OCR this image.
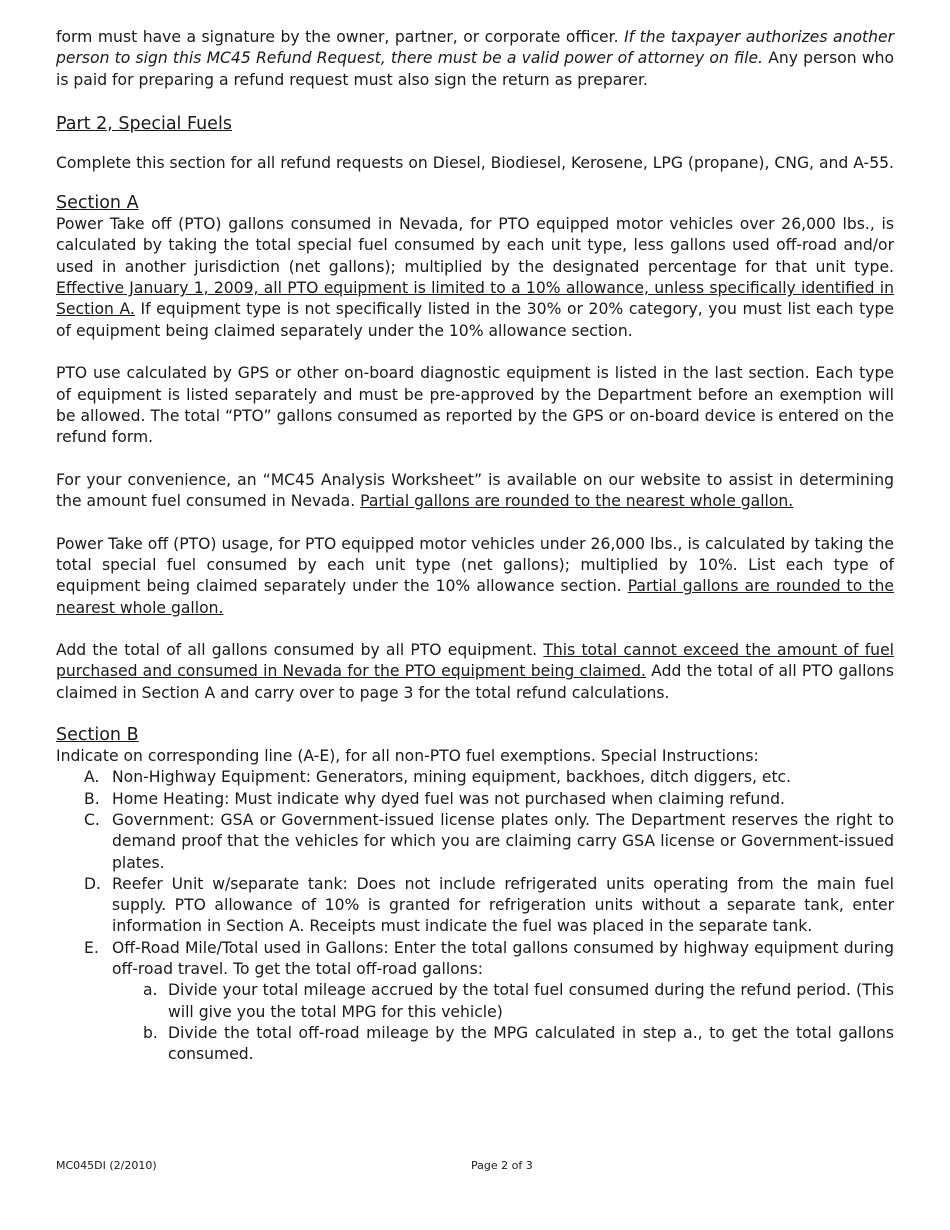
form must have a signature by the owner, partner, or corporate officer. If the taxpayer authorizes another person to sign this MC45 Refund Request, there must be a valid power of attorney on file. Any person who is paid for preparing a refund request must also sign the return as preparer.

Part 2, Special Fuels

Complete this section for all refund requests on Diesel, Biodiesel, Kerosene, LPG (propane), CNG, and A-55.

Section A

Power Take off (PTO) gallons consumed in Nevada, for PTO equipped motor vehicles over 26,000 lbs., is calculated by taking the total special fuel consumed by each unit type, less gallons used off-road and/or used in another jurisdiction (net gallons); multiplied by the designated percentage for that unit type. Effective January 1, 2009, all PTO equipment is limited to a 10% allowance, unless specifically identified in Section A. If equipment type is not specifically listed in the 30% or 20% category, you must list each type of equipment being claimed separately under the 10% allowance section.

PTO use calculated by GPS or other on-board diagnostic equipment is listed in the last section. Each type of equipment is listed separately and must be pre-approved by the Department before an exemption will be allowed. The total “PTO” gallons consumed as reported by the GPS or on-board device is entered on the refund form.

For your convenience, an “MC45 Analysis Worksheet” is available on our website to assist in determining the amount fuel consumed in Nevada. Partial gallons are rounded to the nearest whole gallon.

Power Take off (PTO) usage, for PTO equipped motor vehicles under 26,000 lbs., is calculated by taking the total special fuel consumed by each unit type (net gallons); multiplied by 10%. List each type of equipment being claimed separately under the 10% allowance section. Partial gallons are rounded to the nearest whole gallon.

Add the total of all gallons consumed by all PTO equipment. This total cannot exceed the amount of fuel purchased and consumed in Nevada for the PTO equipment being claimed. Add the total of all PTO gallons claimed in Section A and carry over to page 3 for the total refund calculations.

Section B

Indicate on corresponding line (A-E), for all non-PTO fuel exemptions. Special Instructions:

A. Non-Highway Equipment: Generators, mining equipment, backhoes, ditch diggers, etc.
B. Home Heating: Must indicate why dyed fuel was not purchased when claiming refund.
C. Government: GSA or Government-issued license plates only. The Department reserves the right to demand proof that the vehicles for which you are claiming carry GSA license or Government-issued plates.
D. Reefer Unit w/separate tank: Does not include refrigerated units operating from the main fuel supply. PTO allowance of 10% is granted for refrigeration units without a separate tank, enter information in Section A. Receipts must indicate the fuel was placed in the separate tank.
E. Off-Road Mile/Total used in Gallons: Enter the total gallons consumed by highway equipment during off-road travel. To get the total off-road gallons:
a. Divide your total mileage accrued by the total fuel consumed during the refund period. (This will give you the total MPG for this vehicle)
b. Divide the total off-road mileage by the MPG calculated in step a., to get the total gallons consumed.
MC045DI (2/2010)	Page 2 of 3
